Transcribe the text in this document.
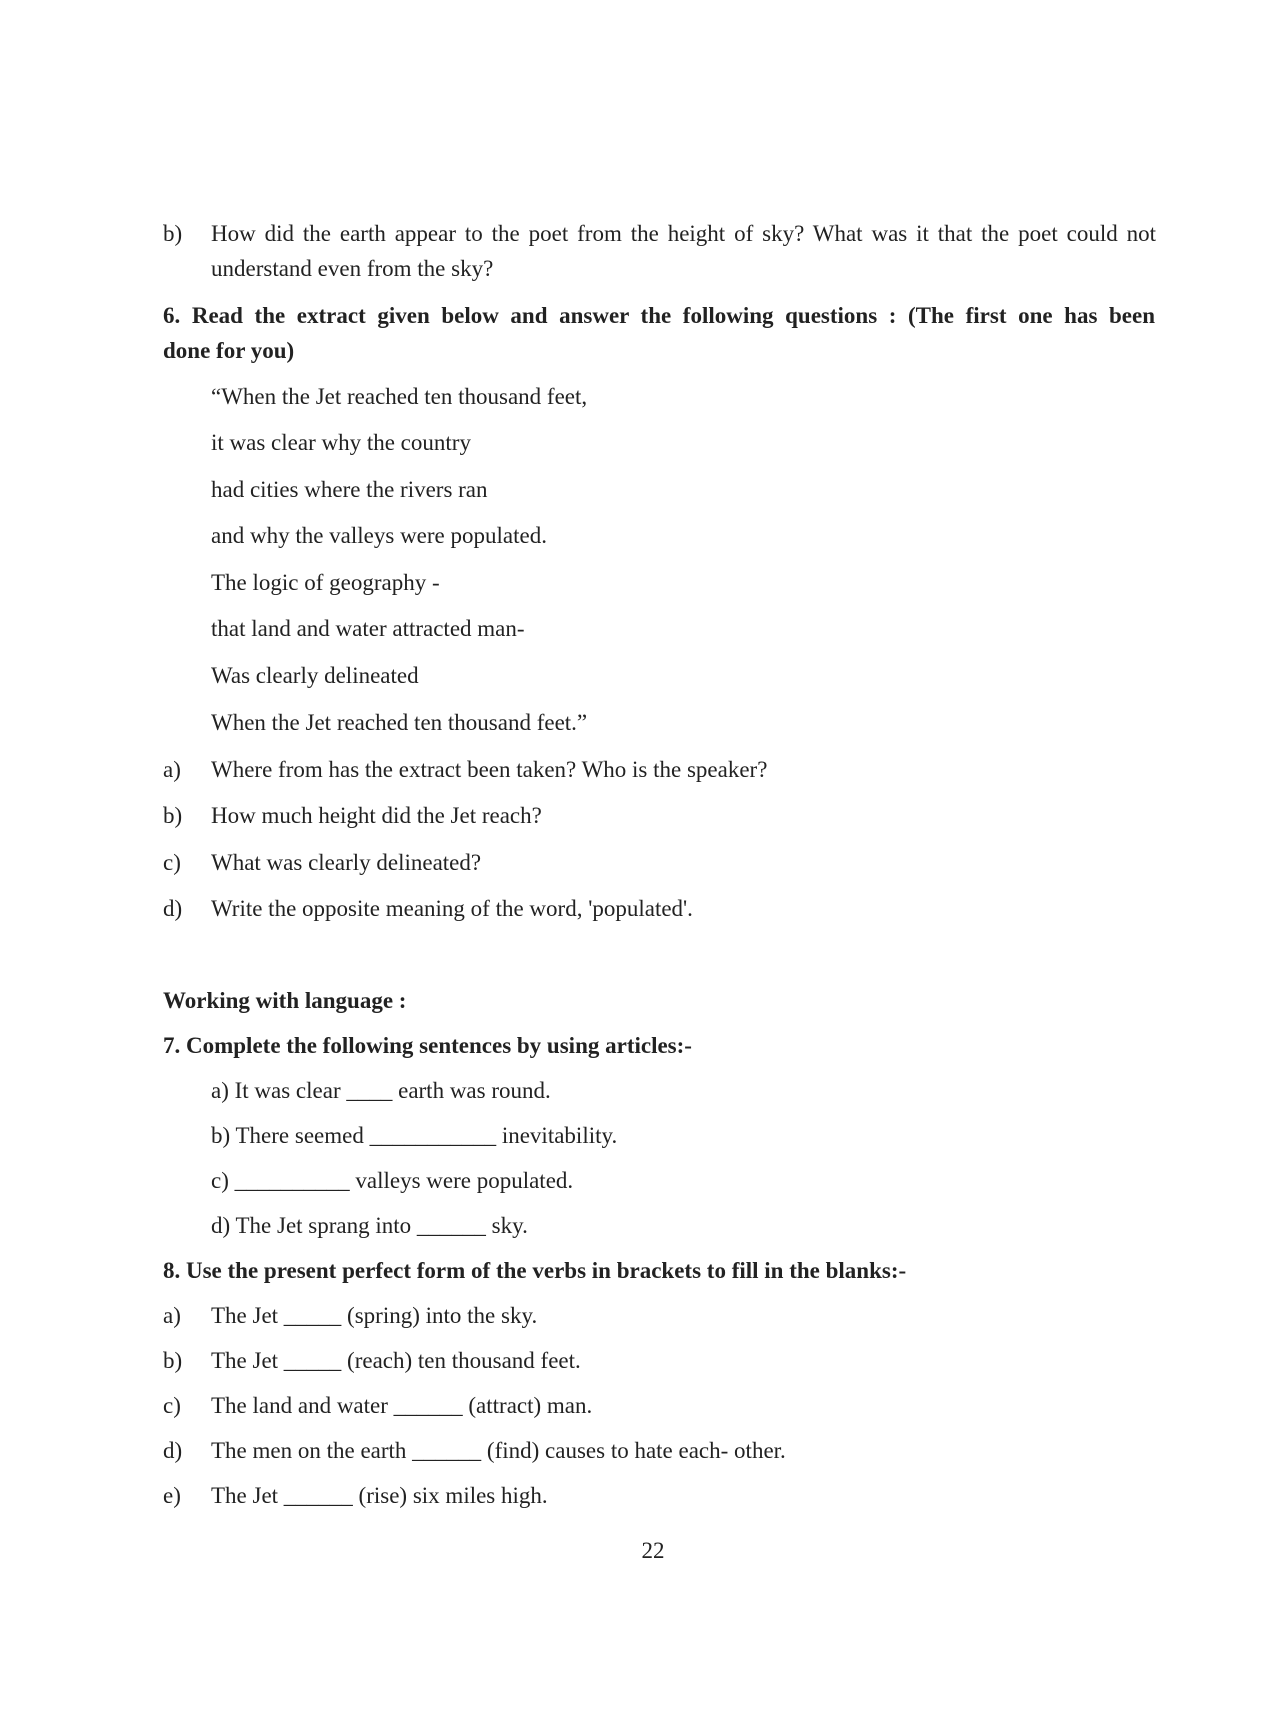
b) How did the earth appear to the poet from the height of sky? What was it that the poet could not
understand even from the sky?
6. Read the extract given below and answer the following questions : (The first one has been
done for you)
“When the Jet reached ten thousand feet,
it was clear why the country
had cities where the rivers ran
and why the valleys were populated.
The logic of geography -
that land and water attracted man-
Was clearly delineated
When the Jet reached ten thousand feet.”
a) Where from has the extract been taken? Who is the speaker?
b) How much height did the Jet reach?
c) What was clearly delineated?
d) Write the opposite meaning of the word, 'populated'.
Working with language :
7. Complete the following sentences by using articles:-
a) It was clear ____ earth was round.
b) There seemed ___________ inevitability.
c) __________ valleys were populated.
d) The Jet sprang into ______ sky.
8. Use the present perfect form of the verbs in brackets to fill in the blanks:-
a) The Jet _____ (spring) into the sky.
b) The Jet _____ (reach) ten thousand feet.
c) The land and water ______ (attract) man.
d) The men on the earth ______ (find) causes to hate each- other.
e) The Jet ______ (rise) six miles high.
22
